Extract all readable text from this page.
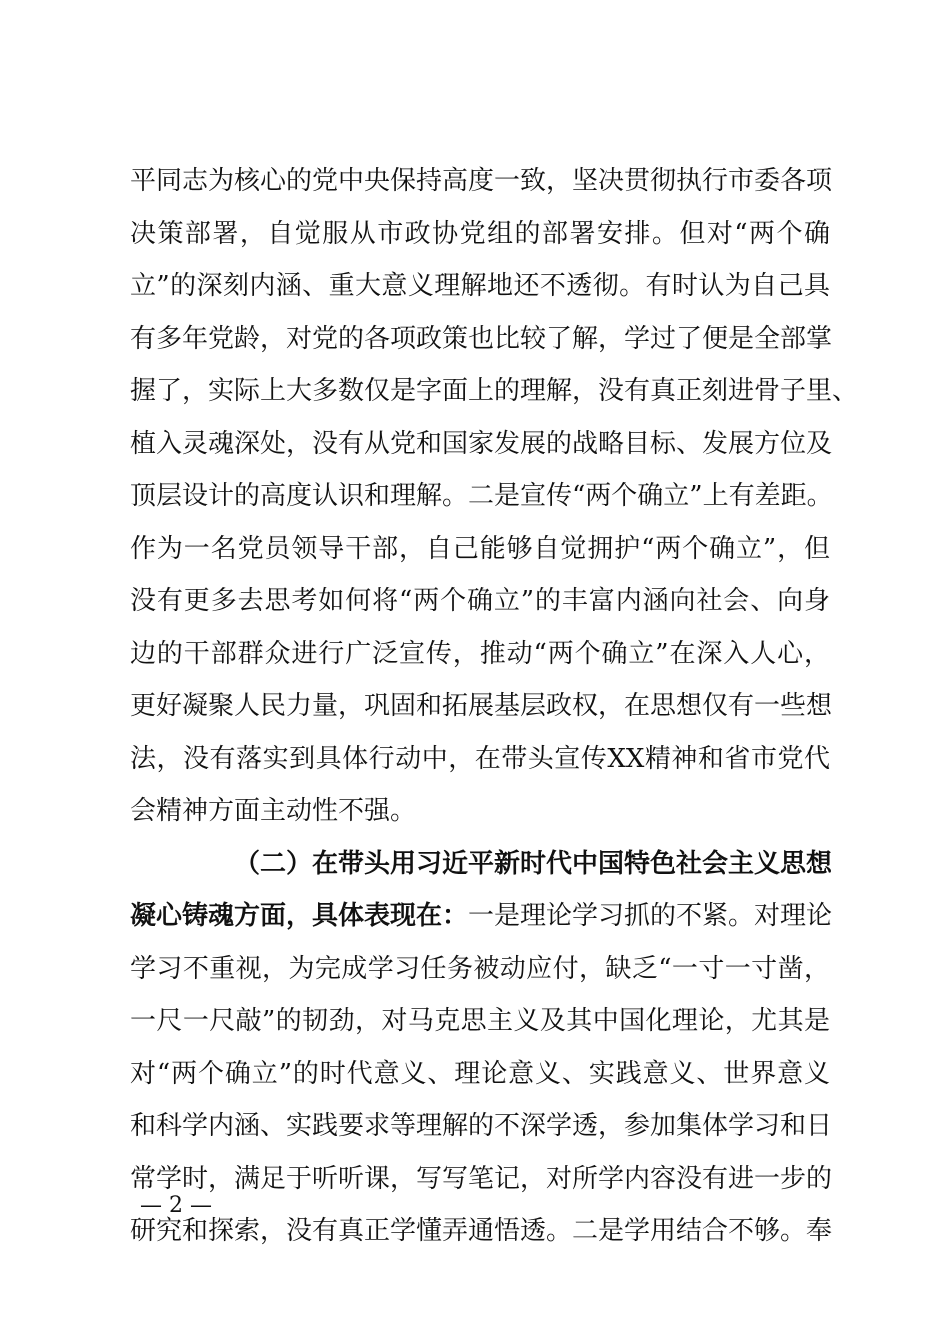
平同志为核心的党中央保持高度一致，坚决贯彻执行市委各项
决策部署，自觉服从市政协党组的部署安排。但对“两个确
立”的深刻内涵、重大意义理解地还不透彻。有时认为自己具
有多年党龄，对党的各项政策也比较了解，学过了便是全部掌
握了，实际上大多数仅是字面上的理解，没有真正刻进骨子里、
植入灵魂深处，没有从党和国家发展的战略目标、发展方位及
顶层设计的高度认识和理解。二是宣传“两个确立”上有差距。
作为一名党员领导干部，自己能够自觉拥护“两个确立”，但
没有更多去思考如何将“两个确立”的丰富内涵向社会、向身
边的干部群众进行广泛宣传，推动“两个确立”在深入人心，
更好凝聚人民力量，巩固和拓展基层政权，在思想仅有一些想
法，没有落实到具体行动中，在带头宣传XX精神和省市党代
会精神方面主动性不强。
（二）在带头用习近平新时代中国特色社会主义思想
凝心铸魂方面，具体表现在：一是理论学习抓的不紧。对理论
学习不重视，为完成学习任务被动应付，缺乏“一寸一寸凿，
一尺一尺敲”的韧劲，对马克思主义及其中国化理论，尤其是
对“两个确立”的时代意义、理论意义、实践意义、世界意义
和科学内涵、实践要求等理解的不深学透，参加集体学习和日
常学时，满足于听听课，写写笔记，对所学内容没有进一步的
研究和探索，没有真正学懂弄通悟透。二是学用结合不够。奉
— 2 —
